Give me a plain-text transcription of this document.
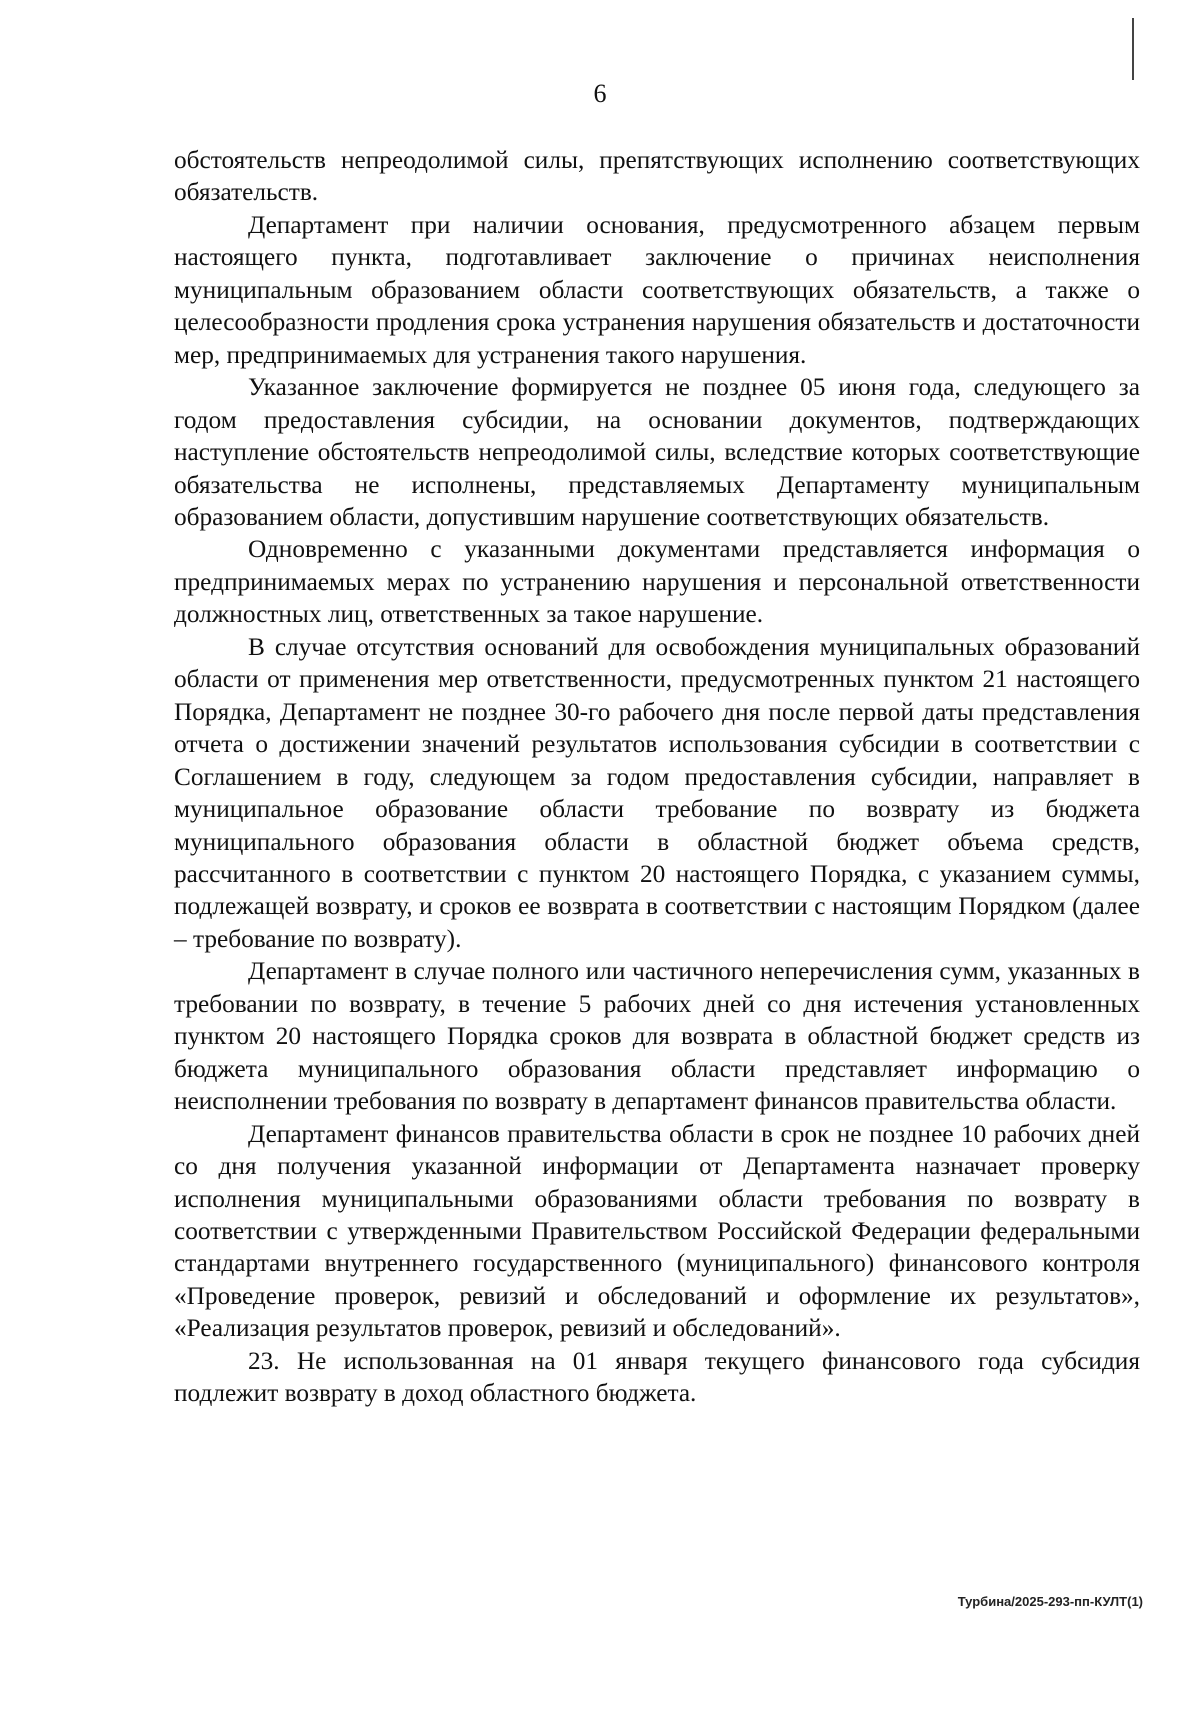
6

обстоятельств непреодолимой силы, препятствующих исполнению соответствующих обязательств.

Департамент при наличии основания, предусмотренного абзацем первым настоящего пункта, подготавливает заключение о причинах неисполнения муниципальным образованием области соответствующих обязательств, а также о целесообразности продления срока устранения нарушения обязательств и достаточности мер, предпринимаемых для устранения такого нарушения.

Указанное заключение формируется не позднее 05 июня года, следующего за годом предоставления субсидии, на основании документов, подтверждающих наступление обстоятельств непреодолимой силы, вследствие которых соответствующие обязательства не исполнены, представляемых Департаменту муниципальным образованием области, допустившим нарушение соответствующих обязательств.

Одновременно с указанными документами представляется информация о предпринимаемых мерах по устранению нарушения и персональной ответственности должностных лиц, ответственных за такое нарушение.

В случае отсутствия оснований для освобождения муниципальных образований области от применения мер ответственности, предусмотренных пунктом 21 настоящего Порядка, Департамент не позднее 30-го рабочего дня после первой даты представления отчета о достижении значений результатов использования субсидии в соответствии с Соглашением в году, следующем за годом предоставления субсидии, направляет в муниципальное образование области требование по возврату из бюджета муниципального образования области в областной бюджет объема средств, рассчитанного в соответствии с пунктом 20 настоящего Порядка, с указанием суммы, подлежащей возврату, и сроков ее возврата в соответствии с настоящим Порядком (далее – требование по возврату).

Департамент в случае полного или частичного неперечисления сумм, указанных в требовании по возврату, в течение 5 рабочих дней со дня истечения установленных пунктом 20 настоящего Порядка сроков для возврата в областной бюджет средств из бюджета муниципального образования области представляет информацию о неисполнении требования по возврату в департамент финансов правительства области.

Департамент финансов правительства области в срок не позднее 10 рабочих дней со дня получения указанной информации от Департамента назначает проверку исполнения муниципальными образованиями области требования по возврату в соответствии с утвержденными Правительством Российской Федерации федеральными стандартами внутреннего государственного (муниципального) финансового контроля «Проведение проверок, ревизий и обследований и оформление их результатов», «Реализация результатов проверок, ревизий и обследований».

23. Не использованная на 01 января текущего финансового года субсидия подлежит возврату в доход областного бюджета.

Турбина/2025-293-пп-КУЛТ(1)
